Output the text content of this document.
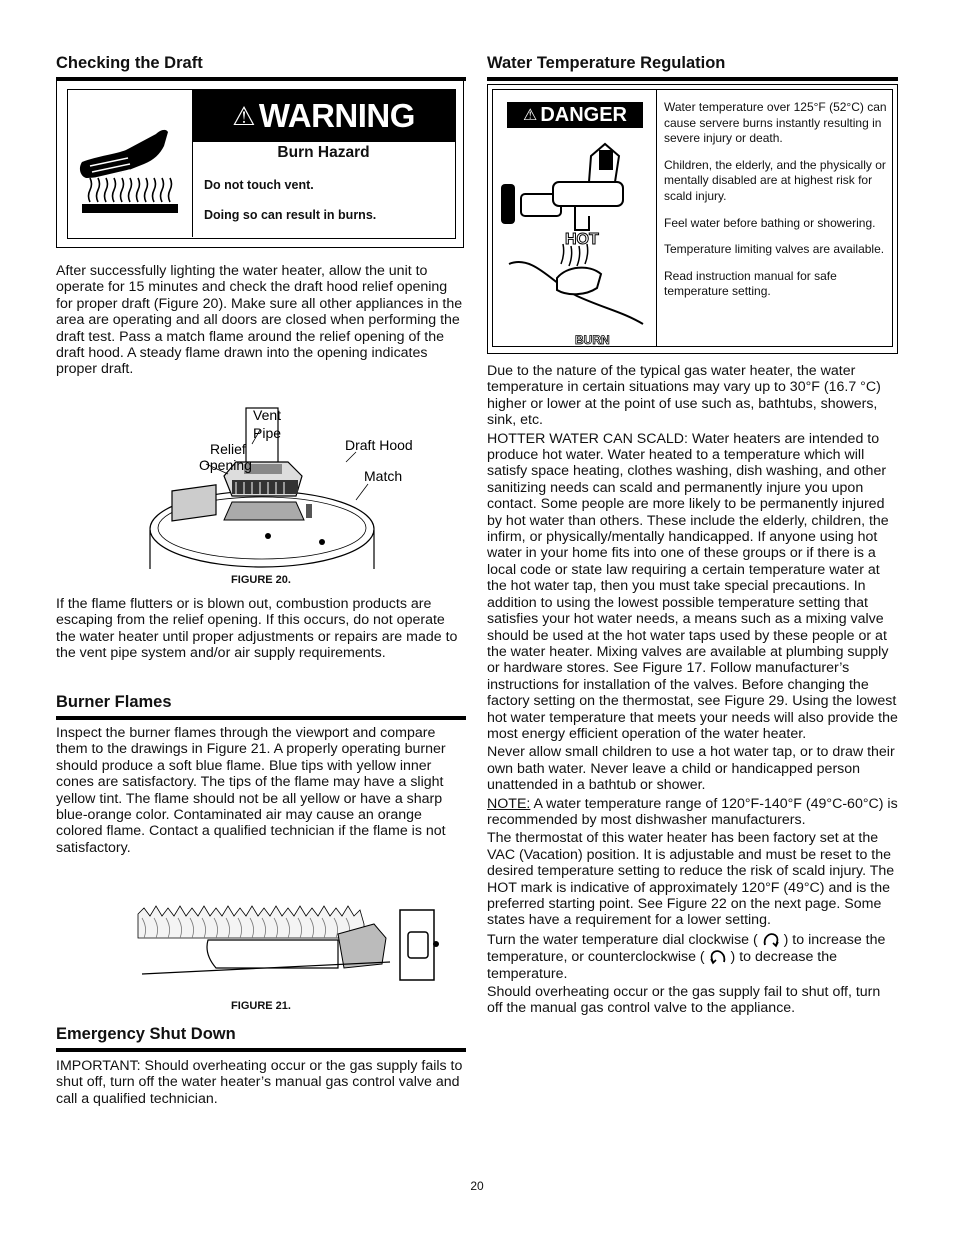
Checking the Draft
⚠ WARNING
Burn Hazard
Do not touch vent.
Doing so can result in burns.
After successfully lighting the water heater, allow the unit to operate for 15 minutes and check the draft hood relief opening for proper draft (Figure 20). Make sure all other appliances in the area are operating and all doors are closed when performing the draft test. Pass a match flame around the relief opening of the draft hood. A steady flame drawn into the opening indicates proper draft.
Vent
Pipe
Relief
Opening
Draft Hood
Match
FIGURE 20.
If the flame flutters or is blown out, combustion products are escaping from the relief opening. If this occurs, do not operate the water heater until proper adjustments or repairs are made to the vent pipe system and/or air supply requirements.
Burner Flames
Inspect the burner flames through the viewport and compare them to the drawings in Figure 21. A properly operating burner should produce a soft blue flame. Blue tips with yellow inner cones are satisfactory. The tips of the flame may have a slight yellow tint. The flame should not be all yellow or have a sharp blue-orange color. Contaminated air may cause an orange colored flame. Contact a qualified technician if the flame is not satisfactory.
FIGURE 21.
Emergency Shut Down
IMPORTANT: Should overheating occur or the gas supply fails to shut off, turn off the water heater’s manual gas control valve and call a qualified technician.
Water Temperature Regulation
⚠ DANGER
HOT
BURN

Water temperature over 125°F (52°C) can cause servere burns instantly resulting in severe injury or death.

Children, the elderly, and the physically or mentally disabled are at highest risk for scald injury.

Feel water before bathing or showering.

Temperature limiting valves are available.

Read instruction manual for safe temperature setting.

Due to the nature of the typical gas water heater, the water temperature in certain situations may vary up to 30°F (16.7 °C) higher or lower at the point of use such as, bathtubs, showers, sink, etc.

HOTTER WATER CAN SCALD: Water heaters are intended to produce hot water. Water heated to a temperature which will satisfy space heating, clothes washing, dish washing, and other sanitizing needs can scald and permanently injure you upon contact. Some people are more likely to be permanently injured by hot water than others. These include the elderly, children, the infirm, or physically/mentally handicapped. If anyone using hot water in your home fits into one of these groups or if there is a local code or state law requiring a certain temperature water at the hot water tap, then you must take special precautions. In addition to using the lowest possible temperature setting that satisfies your hot water needs, a means such as a mixing valve should be used at the hot water taps used by these people or at the water heater. Mixing valves are available at plumbing supply or hardware stores. See Figure 17. Follow manufacturer’s instructions for installation of the valves. Before changing the factory setting on the thermostat, see Figure 29. Using the lowest hot water temperature that meets your needs will also provide the most energy efficient operation of the water heater.

Never allow small children to use a hot water tap, or to draw their own bath water. Never leave a child or handicapped person unattended in a bathtub or shower.

NOTE: A water temperature range of 120°F-140°F (49°C-60°C) is recommended by most dishwasher manufacturers.

The thermostat of this water heater has been factory set at the VAC (Vacation) position. It is adjustable and must be reset to the desired temperature setting to reduce the risk of scald injury. The HOT mark is indicative of approximately 120°F (49°C) and is the preferred starting point. See Figure 22 on the next page. Some states have a requirement for a lower setting.

Turn the water temperature dial clockwise ( ) to increase the temperature, or counterclockwise ( ) to decrease the temperature.

Should overheating occur or the gas supply fail to shut off, turn off the manual gas control valve to the appliance.

20
